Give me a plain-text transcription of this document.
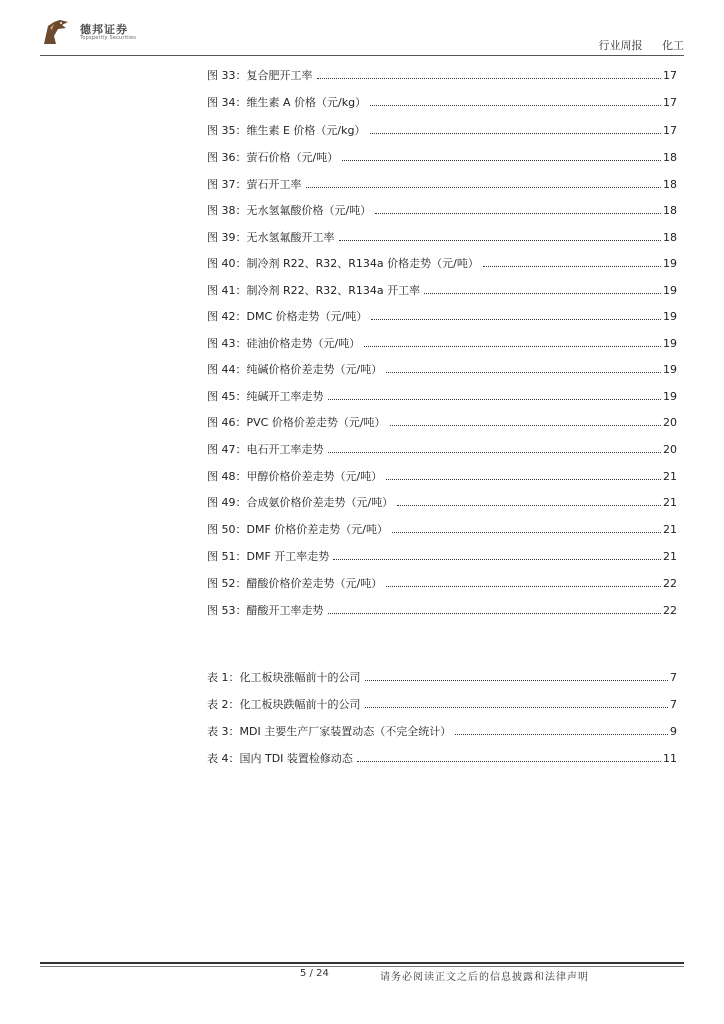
德邦证券
Topsperity Securities
行业周报 化工
图 33：复合肥开工率	17
图 34：维生素 A 价格（元/kg）	17
图 35：维生素 E 价格（元/kg）	17
图 36：萤石价格（元/吨）	18
图 37：萤石开工率	18
图 38：无水氢氟酸价格（元/吨）	18
图 39：无水氢氟酸开工率	18
图 40：制冷剂 R22、R32、R134a 价格走势（元/吨）	19
图 41：制冷剂 R22、R32、R134a 开工率	19
图 42：DMC 价格走势（元/吨）	19
图 43：硅油价格走势（元/吨）	19
图 44：纯碱价格价差走势（元/吨）	19
图 45：纯碱开工率走势	19
图 46：PVC 价格价差走势（元/吨）	20
图 47：电石开工率走势	20
图 48：甲醇价格价差走势（元/吨）	21
图 49：合成氨价格价差走势（元/吨）	21
图 50：DMF 价格价差走势（元/吨）	21
图 51：DMF 开工率走势	21
图 52：醋酸价格价差走势（元/吨）	22
图 53：醋酸开工率走势	22
表 1：化工板块涨幅前十的公司	7
表 2：化工板块跌幅前十的公司	7
表 3：MDI 主要生产厂家装置动态（不完全统计）	9
表 4：国内 TDI 装置检修动态	11
5 / 24	请务必阅读正文之后的信息披露和法律声明
